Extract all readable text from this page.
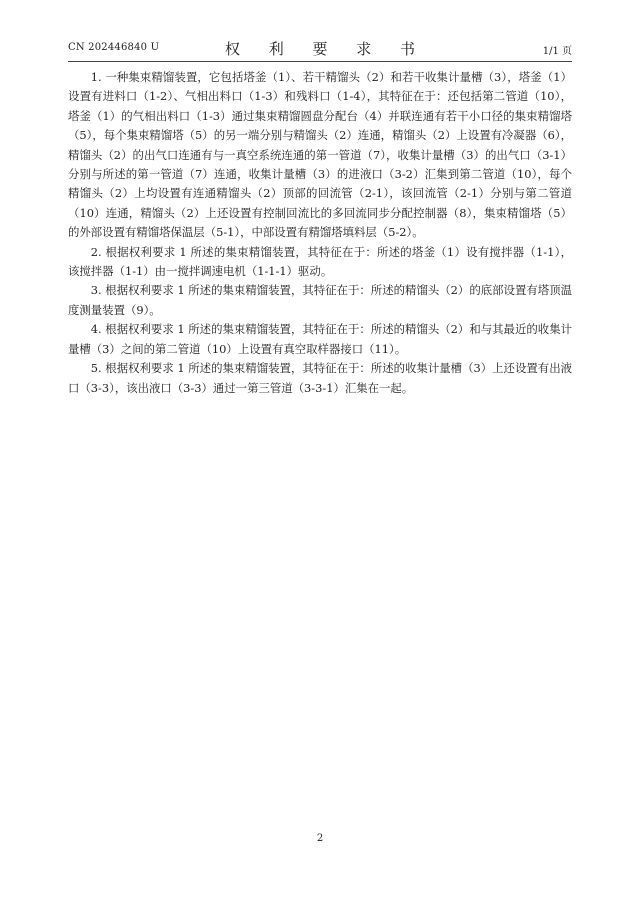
CN 202446840 U	权 利 要 求 书	1/1 页

1. 一种集束精馏装置，它包括塔釜（1）、若干精馏头（2）和若干收集计量槽（3），塔釜（1）设置有进料口（1-2）、气相出料口（1-3）和残料口（1-4），其特征在于：还包括第二管道（10），塔釜（1）的气相出料口（1-3）通过集束精馏圆盘分配台（4）并联连通有若干小口径的集束精馏塔（5），每个集束精馏塔（5）的另一端分别与精馏头（2）连通，精馏头（2）上设置有冷凝器（6），精馏头（2）的出气口连通有与一真空系统连通的第一管道（7），收集计量槽（3）的出气口（3-1）分别与所述的第一管道（7）连通，收集计量槽（3）的进液口（3-2）汇集到第二管道（10），每个精馏头（2）上均设置有连通精馏头（2）顶部的回流管（2-1），该回流管（2-1）分别与第二管道（10）连通，精馏头（2）上还设置有控制回流比的多回流同步分配控制器（8），集束精馏塔（5）的外部设置有精馏塔保温层（5-1），中部设置有精馏塔填料层（5-2）。

2. 根据权利要求 1 所述的集束精馏装置，其特征在于：所述的塔釜（1）设有搅拌器（1-1），该搅拌器（1-1）由一搅拌调速电机（1-1-1）驱动。

3. 根据权利要求 1 所述的集束精馏装置，其特征在于：所述的精馏头（2）的底部设置有塔顶温度测量装置（9）。

4. 根据权利要求 1 所述的集束精馏装置，其特征在于：所述的精馏头（2）和与其最近的收集计量槽（3）之间的第二管道（10）上设置有真空取样器接口（11）。

5. 根据权利要求 1 所述的集束精馏装置，其特征在于：所述的收集计量槽（3）上还设置有出液口（3-3），该出液口（3-3）通过一第三管道（3-3-1）汇集在一起。

2
